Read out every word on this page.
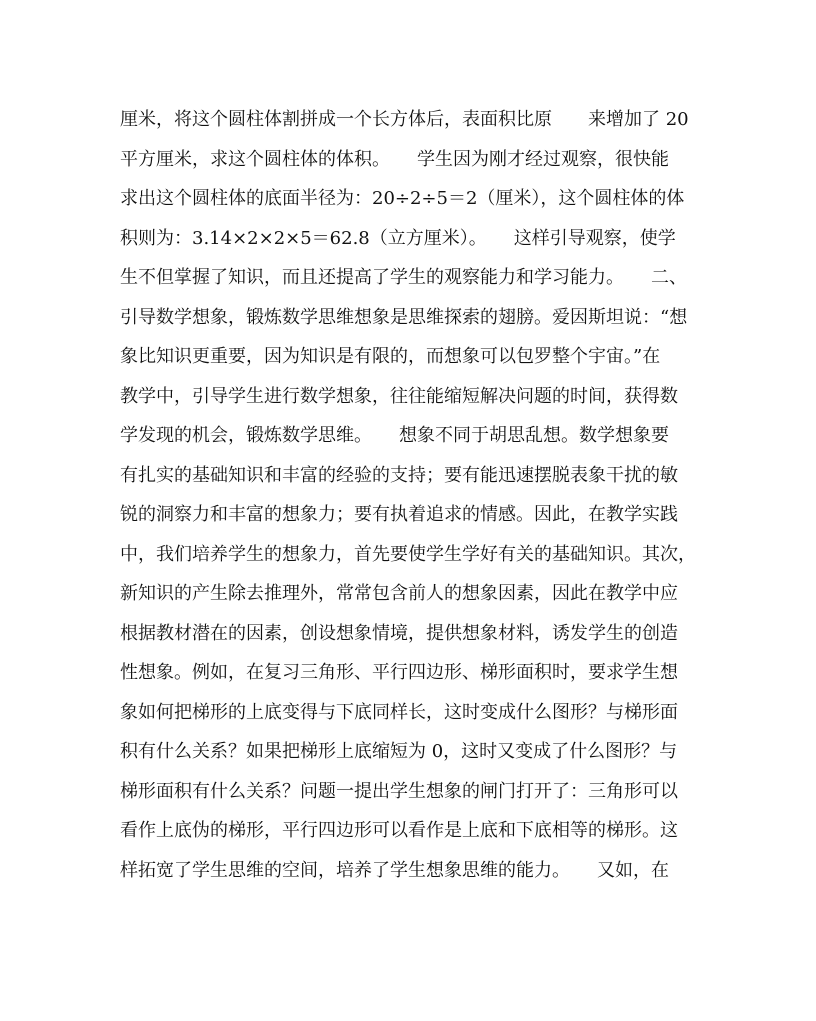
厘米，将这个圆柱体割拼成一个长方体后，表面积比原　　来增加了 20
平方厘米，求这个圆柱体的体积。　　学生因为刚才经过观察，很快能
求出这个圆柱体的底面半径为：20÷2÷5＝2（厘米），这个圆柱体的体
积则为：3.14×2×2×5＝62.8（立方厘米）。　　这样引导观察，使学
生不但掌握了知识，而且还提高了学生的观察能力和学习能力。　　二、
引导数学想象，锻炼数学思维想象是思维探索的翅膀。爱因斯坦说：“想
象比知识更重要，因为知识是有限的，而想象可以包罗整个宇宙。”在
教学中，引导学生进行数学想象，往往能缩短解决问题的时间，获得数
学发现的机会，锻炼数学思维。　　想象不同于胡思乱想。数学想象要
有扎实的基础知识和丰富的经验的支持；要有能迅速摆脱表象干扰的敏
锐的洞察力和丰富的想象力；要有执着追求的情感。因此，在教学实践
中，我们培养学生的想象力，首先要使学生学好有关的基础知识。其次，
新知识的产生除去推理外，常常包含前人的想象因素，因此在教学中应
根据教材潜在的因素，创设想象情境，提供想象材料，诱发学生的创造
性想象。例如，在复习三角形、平行四边形、梯形面积时，要求学生想
象如何把梯形的上底变得与下底同样长，这时变成什么图形？与梯形面
积有什么关系？如果把梯形上底缩短为 0，这时又变成了什么图形？与
梯形面积有什么关系？问题一提出学生想象的闸门打开了：三角形可以
看作上底伪的梯形，平行四边形可以看作是上底和下底相等的梯形。这
样拓宽了学生思维的空间，培养了学生想象思维的能力。　　又如，在
